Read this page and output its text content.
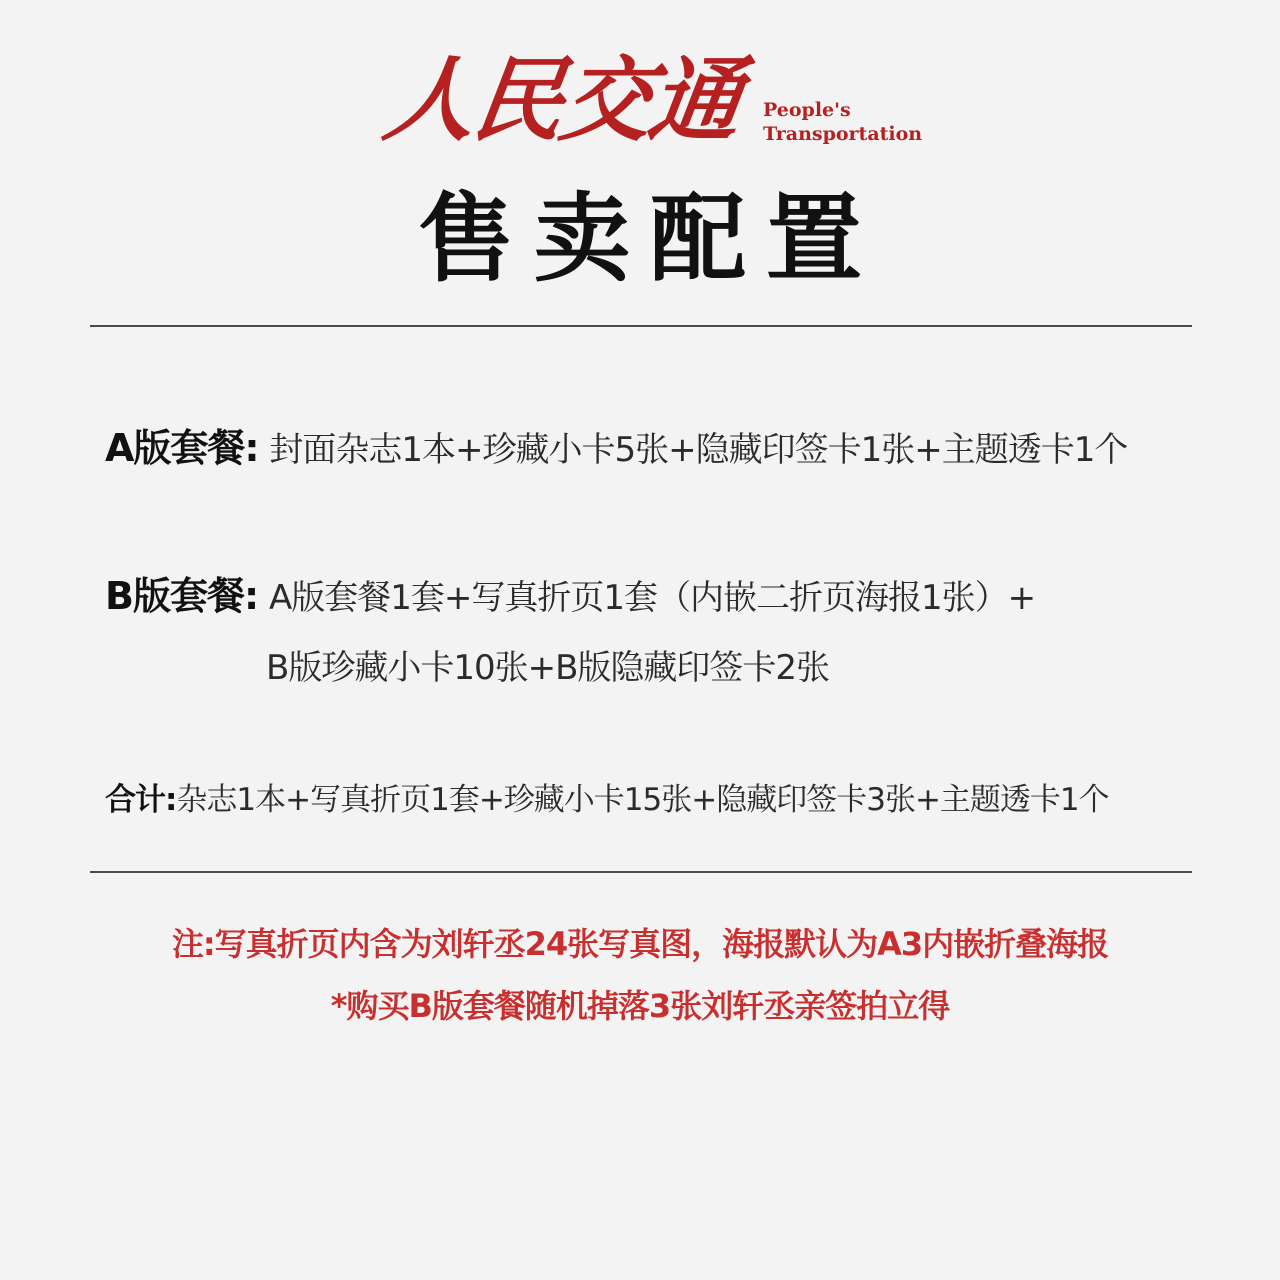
人民交通 People's
Transportation
售卖配置
A版套餐: 封面杂志1本+珍藏小卡5张+隐藏印签卡1张+主题透卡1个
B版套餐: A版套餐1套+写真折页1套（内嵌二折页海报1张）+
B版珍藏小卡10张+B版隐藏印签卡2张
合计:杂志1本+写真折页1套+珍藏小卡15张+隐藏印签卡3张+主题透卡1个
注:写真折页内含为刘轩丞24张写真图，海报默认为A3内嵌折叠海报
*购买B版套餐随机掉落3张刘轩丞亲签拍立得
